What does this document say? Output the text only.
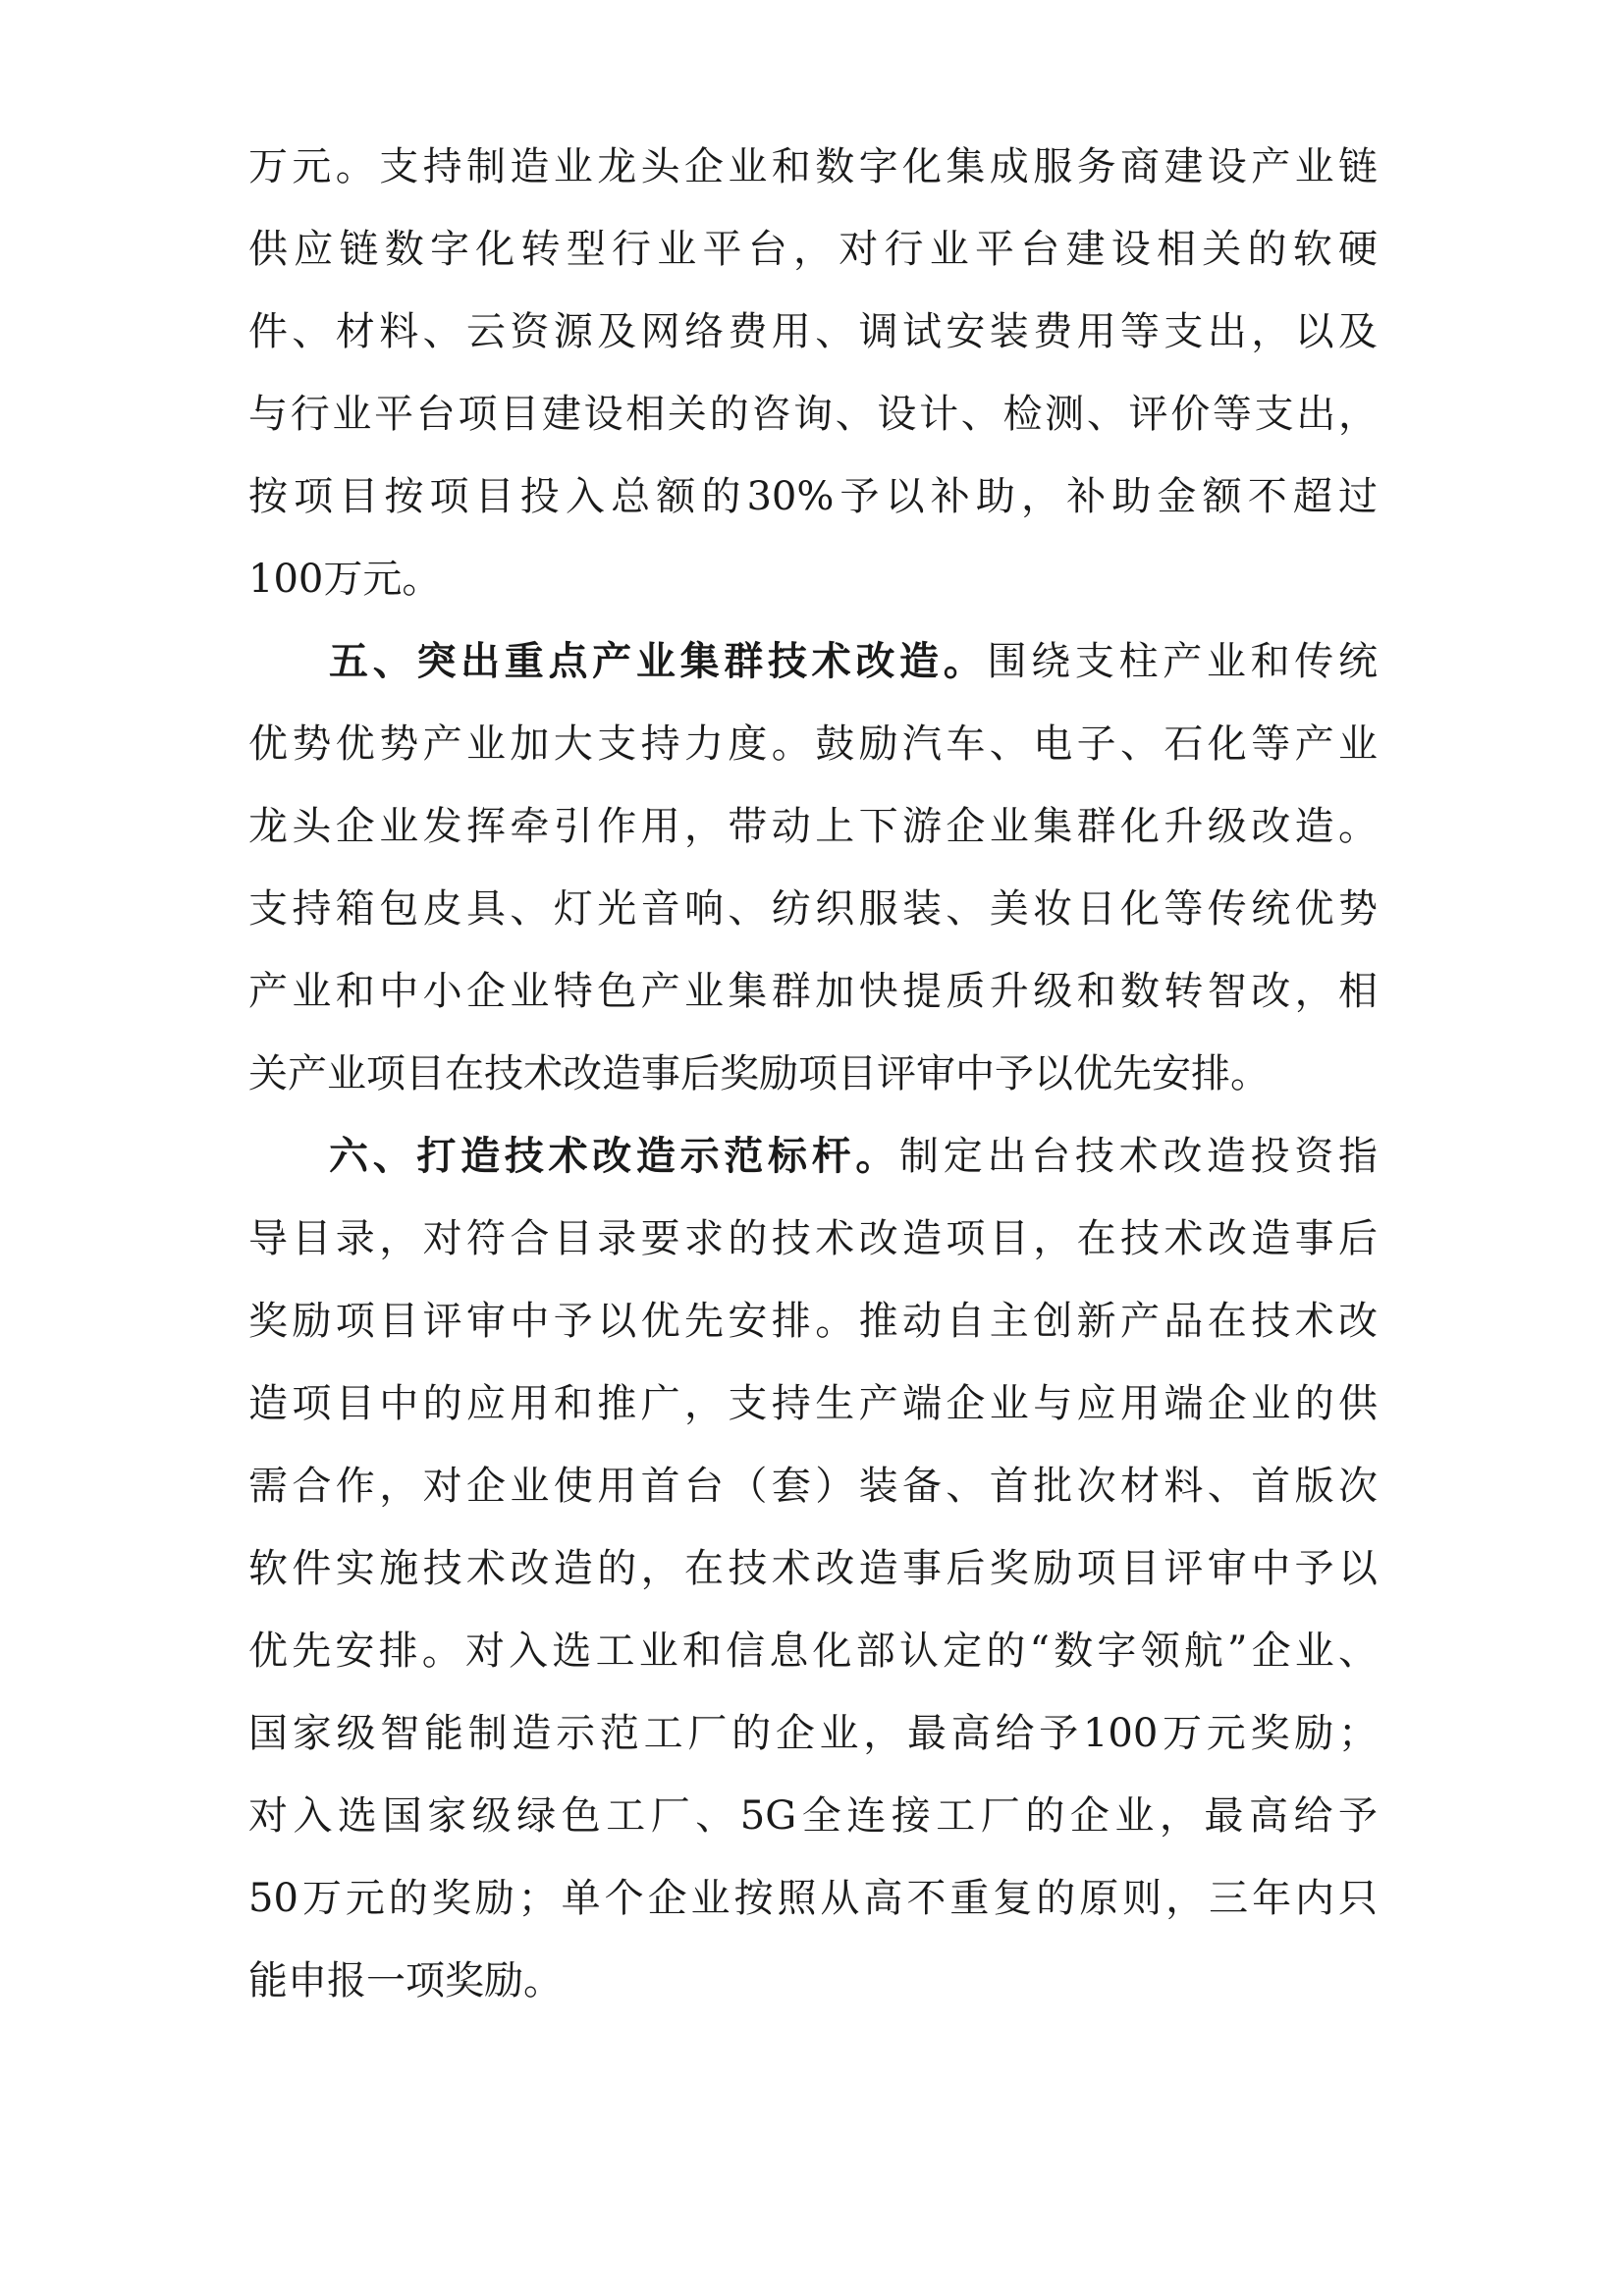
万元。支持制造业龙头企业和数字化集成服务商建设产业链
供应链数字化转型行业平台，对行业平台建设相关的软硬
件、材料、云资源及网络费用、调试安装费用等支出，以及
与行业平台项目建设相关的咨询、设计、检测、评价等支出，
按项目按项目投入总额的30%予以补助，补助金额不超过
100万元。
五、突出重点产业集群技术改造。围绕支柱产业和传统
优势优势产业加大支持力度。鼓励汽车、电子、石化等产业
龙头企业发挥牵引作用，带动上下游企业集群化升级改造。
支持箱包皮具、灯光音响、纺织服装、美妆日化等传统优势
产业和中小企业特色产业集群加快提质升级和数转智改，相
关产业项目在技术改造事后奖励项目评审中予以优先安排。
六、打造技术改造示范标杆。制定出台技术改造投资指
导目录，对符合目录要求的技术改造项目，在技术改造事后
奖励项目评审中予以优先安排。推动自主创新产品在技术改
造项目中的应用和推广，支持生产端企业与应用端企业的供
需合作，对企业使用首台（套）装备、首批次材料、首版次
软件实施技术改造的，在技术改造事后奖励项目评审中予以
优先安排。对入选工业和信息化部认定的“数字领航”企业、
国家级智能制造示范工厂的企业，最高给予100万元奖励；
对入选国家级绿色工厂、5G全连接工厂的企业，最高给予
50万元的奖励；单个企业按照从高不重复的原则，三年内只
能申报一项奖励。
